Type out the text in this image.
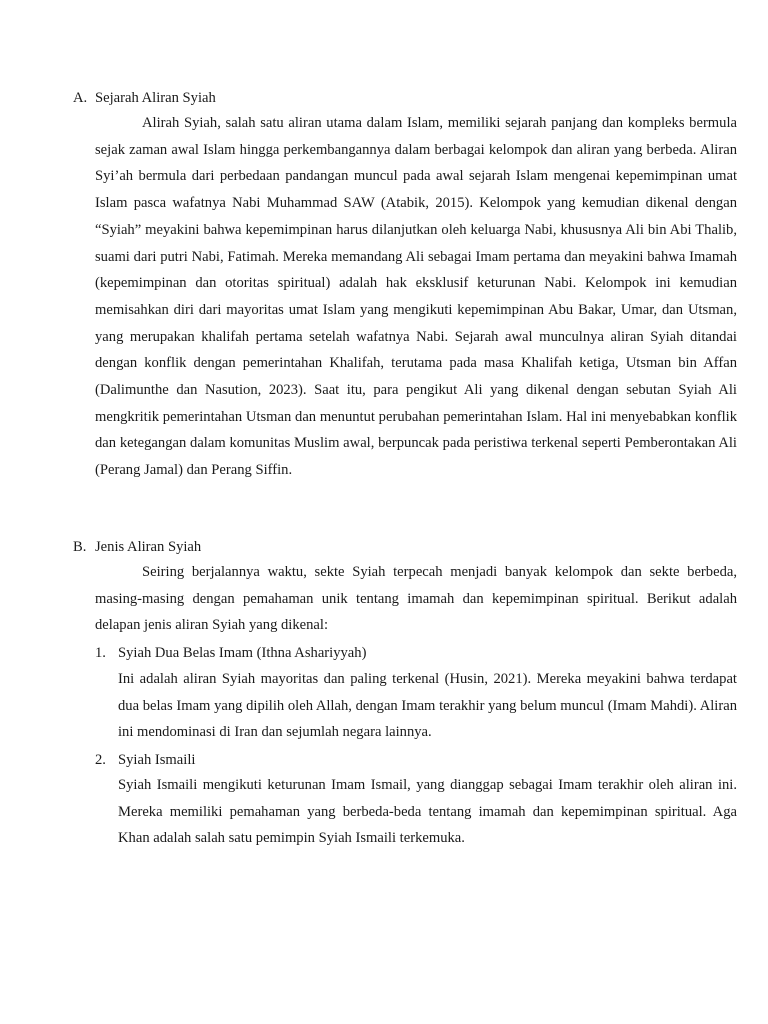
A. Sejarah Aliran Syiah

Alirah Syiah, salah satu aliran utama dalam Islam, memiliki sejarah panjang dan kompleks bermula sejak zaman awal Islam hingga perkembangannya dalam berbagai kelompok dan aliran yang berbeda. Aliran Syi’ah bermula dari perbedaan pandangan muncul pada awal sejarah Islam mengenai kepemimpinan umat Islam pasca wafatnya Nabi Muhammad SAW (Atabik, 2015). Kelompok yang kemudian dikenal dengan “Syiah” meyakini bahwa kepemimpinan harus dilanjutkan oleh keluarga Nabi, khususnya Ali bin Abi Thalib, suami dari putri Nabi, Fatimah. Mereka memandang Ali sebagai Imam pertama dan meyakini bahwa Imamah (kepemimpinan dan otoritas spiritual) adalah hak eksklusif keturunan Nabi. Kelompok ini kemudian memisahkan diri dari mayoritas umat Islam yang mengikuti kepemimpinan Abu Bakar, Umar, dan Utsman, yang merupakan khalifah pertama setelah wafatnya Nabi. Sejarah awal munculnya aliran Syiah ditandai dengan konflik dengan pemerintahan Khalifah, terutama pada masa Khalifah ketiga, Utsman bin Affan (Dalimunthe dan Nasution, 2023). Saat itu, para pengikut Ali yang dikenal dengan sebutan Syiah Ali mengkritik pemerintahan Utsman dan menuntut perubahan pemerintahan Islam. Hal ini menyebabkan konflik dan ketegangan dalam komunitas Muslim awal, berpuncak pada peristiwa terkenal seperti Pemberontakan Ali (Perang Jamal) dan Perang Siffin.

B. Jenis Aliran Syiah

Seiring berjalannya waktu, sekte Syiah terpecah menjadi banyak kelompok dan sekte berbeda, masing-masing dengan pemahaman unik tentang imamah dan kepemimpinan spiritual. Berikut adalah delapan jenis aliran Syiah yang dikenal:

1. Syiah Dua Belas Imam (Ithna Ashariyyah)

Ini adalah aliran Syiah mayoritas dan paling terkenal (Husin, 2021). Mereka meyakini bahwa terdapat dua belas Imam yang dipilih oleh Allah, dengan Imam terakhir yang belum muncul (Imam Mahdi). Aliran ini mendominasi di Iran dan sejumlah negara lainnya.

2. Syiah Ismaili

Syiah Ismaili mengikuti keturunan Imam Ismail, yang dianggap sebagai Imam terakhir oleh aliran ini. Mereka memiliki pemahaman yang berbeda-beda tentang imamah dan kepemimpinan spiritual. Aga Khan adalah salah satu pemimpin Syiah Ismaili terkemuka.
